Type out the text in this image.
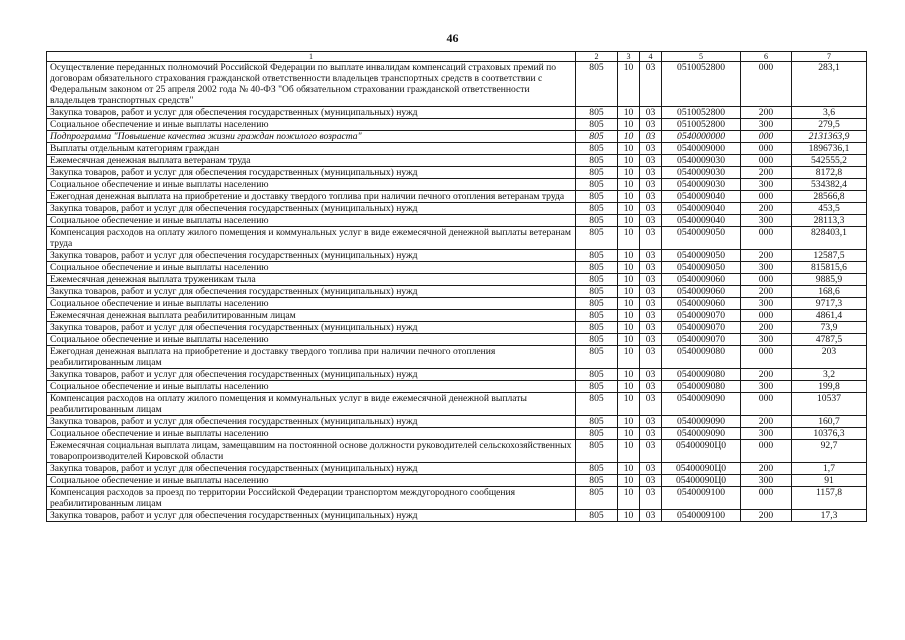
46
1	2	3	4	5	6	7
Осуществление переданных полномочий Российской Федерации по выплате инвалидам компенсаций страховых премий по договорам обязательного страхования гражданской ответственности владельцев транспортных средств в соответствии с Федеральным законом от 25 апреля 2002 года № 40-ФЗ "Об обязательном страховании гражданской ответственности владельцев транспортных средств"	805	10	03	0510052800	000	283,1
Закупка товаров, работ и услуг для обеспечения государственных (муниципальных) нужд	805	10	03	0510052800	200	3,6
Социальное обеспечение и иные выплаты населению	805	10	03	0510052800	300	279,5
Подпрограмма "Повышение качества жизни граждан пожилого возраста"	805	10	03	0540000000	000	2131363,9
Выплаты отдельным категориям граждан	805	10	03	0540009000	000	1896736,1
Ежемесячная денежная выплата ветеранам труда	805	10	03	0540009030	000	542555,2
Закупка товаров, работ и услуг для обеспечения государственных (муниципальных) нужд	805	10	03	0540009030	200	8172,8
Социальное обеспечение и иные выплаты населению	805	10	03	0540009030	300	534382,4
Ежегодная денежная выплата на приобретение и доставку твердого топлива при наличии печного отопления ветеранам труда	805	10	03	0540009040	000	28566,8
Закупка товаров, работ и услуг для обеспечения государственных (муниципальных) нужд	805	10	03	0540009040	200	453,5
Социальное обеспечение и иные выплаты населению	805	10	03	0540009040	300	28113,3
Компенсация расходов на оплату жилого помещения и коммунальных услуг в виде ежемесячной денежной выплаты ветеранам труда	805	10	03	0540009050	000	828403,1
Закупка товаров, работ и услуг для обеспечения государственных (муниципальных) нужд	805	10	03	0540009050	200	12587,5
Социальное обеспечение и иные выплаты населению	805	10	03	0540009050	300	815815,6
Ежемесячная денежная выплата труженикам тыла	805	10	03	0540009060	000	9885,9
Закупка товаров, работ и услуг для обеспечения государственных (муниципальных) нужд	805	10	03	0540009060	200	168,6
Социальное обеспечение и иные выплаты населению	805	10	03	0540009060	300	9717,3
Ежемесячная денежная выплата реабилитированным лицам	805	10	03	0540009070	000	4861,4
Закупка товаров, работ и услуг для обеспечения государственных (муниципальных) нужд	805	10	03	0540009070	200	73,9
Социальное обеспечение и иные выплаты населению	805	10	03	0540009070	300	4787,5
Ежегодная денежная выплата на приобретение и доставку твердого топлива при наличии печного отопления реабилитированным лицам	805	10	03	0540009080	000	203
Закупка товаров, работ и услуг для обеспечения государственных (муниципальных) нужд	805	10	03	0540009080	200	3,2
Социальное обеспечение и иные выплаты населению	805	10	03	0540009080	300	199,8
Компенсация расходов на оплату жилого помещения и коммунальных услуг в виде ежемесячной денежной выплаты реабилитированным лицам	805	10	03	0540009090	000	10537
Закупка товаров, работ и услуг для обеспечения государственных (муниципальных) нужд	805	10	03	0540009090	200	160,7
Социальное обеспечение и иные выплаты населению	805	10	03	0540009090	300	10376,3
Ежемесячная социальная выплата лицам, замещавшим на постоянной основе должности руководителей сельскохозяйственных товаропроизводителей Кировской области	805	10	03	05400090Ц0	000	92,7
Закупка товаров, работ и услуг для обеспечения государственных (муниципальных) нужд	805	10	03	05400090Ц0	200	1,7
Социальное обеспечение и иные выплаты населению	805	10	03	05400090Ц0	300	91
Компенсация расходов за проезд по территории Российской Федерации транспортом междугородного сообщения реабилитированным лицам	805	10	03	0540009100	000	1157,8
Закупка товаров, работ и услуг для обеспечения государственных (муниципальных) нужд	805	10	03	0540009100	200	17,3
